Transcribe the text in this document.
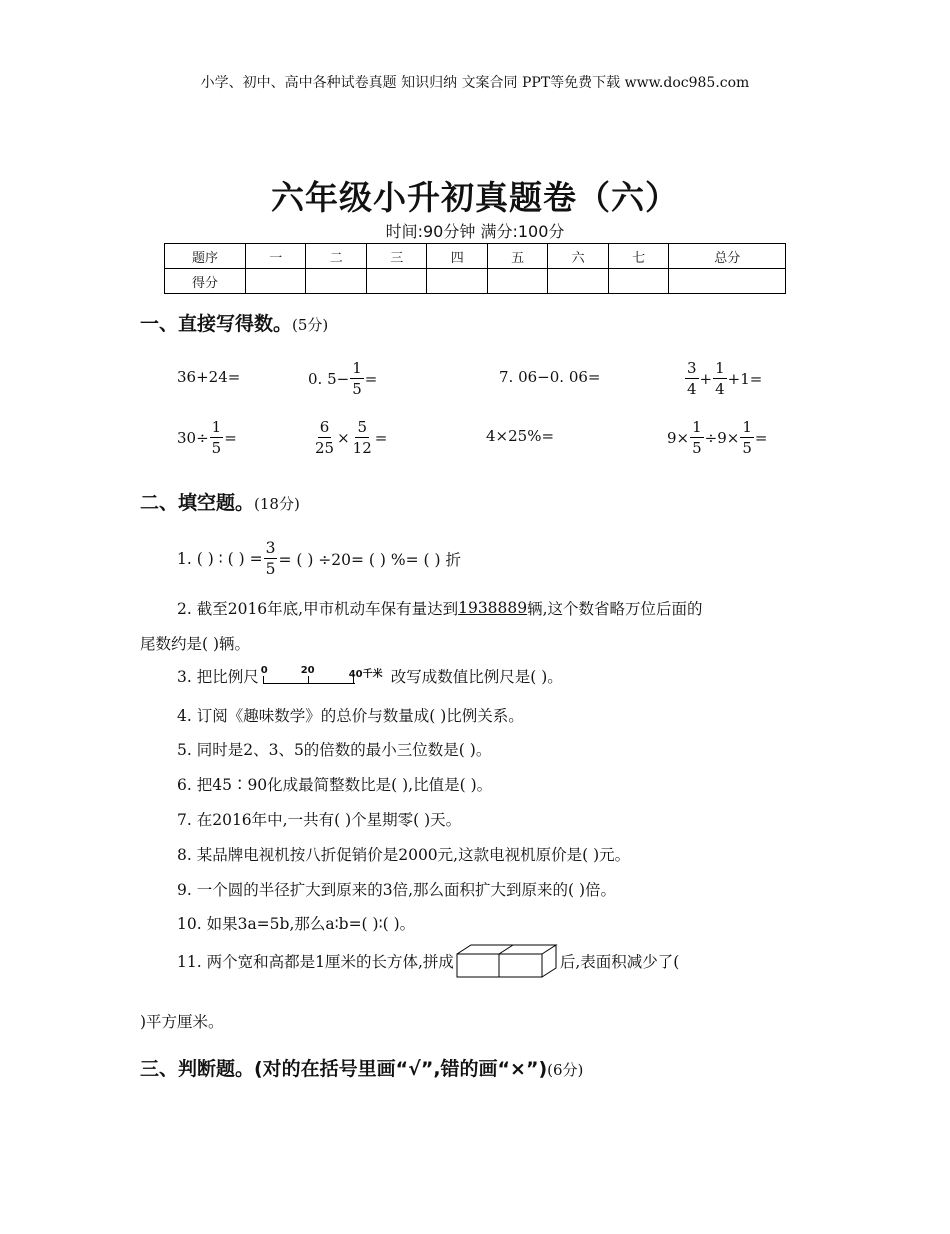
小学、初中、高中各种试卷真题 知识归纳 文案合同 PPT等免费下载 www.doc985.com
六年级小升初真题卷（六）
时间:90分钟 满分:100分
题序	一	二	三	四	五	六	七	总分
得分								
一、直接写得数。(5分)
36+24=	0. $5- \frac{1}{5}$ =	7. 06−0. 06=	$\frac{3}{4} + \frac{1}{4} +1=$
$30\div \frac{1}{5}$ =	$\frac{6}{25} \times \frac{5}{12}$ =	4×25%=	$9\times \frac{1}{5} \div 9\times \frac{1}{5}$ =
二、填空题。(18分)
1. ( ) ∶ ( ) = $\frac{3}{5}$ = ( ) ÷20= ( ) %= ( ) 折
2. 截至2016年底,甲市机动车保有量达到 1938889 辆,这个数省略万位后面的
尾数约是( )辆。
3. 把比例尺 0	20	40千米 改写成数值比例尺是( )。
4. 订阅《趣味数学》的总价与数量成( )比例关系。
5. 同时是2、3、5的倍数的最小三位数是( )。
6. 把45∶90化成最简整数比是( ),比值是( )。
7. 在2016年中,一共有( )个星期零( )天。
8. 某品牌电视机按八折促销价是2000元,这款电视机原价是( )元。
9. 一个圆的半径扩大到原来的3倍,那么面积扩大到原来的( )倍。
10. 如果3a=5b,那么a∶b=( )∶( )。
11. 两个宽和高都是1厘米的长方体,拼成	后,表面积减少了(
)平方厘米。
三、判断题。(对的在括号里画“√”,错的画“×”)(6分)
